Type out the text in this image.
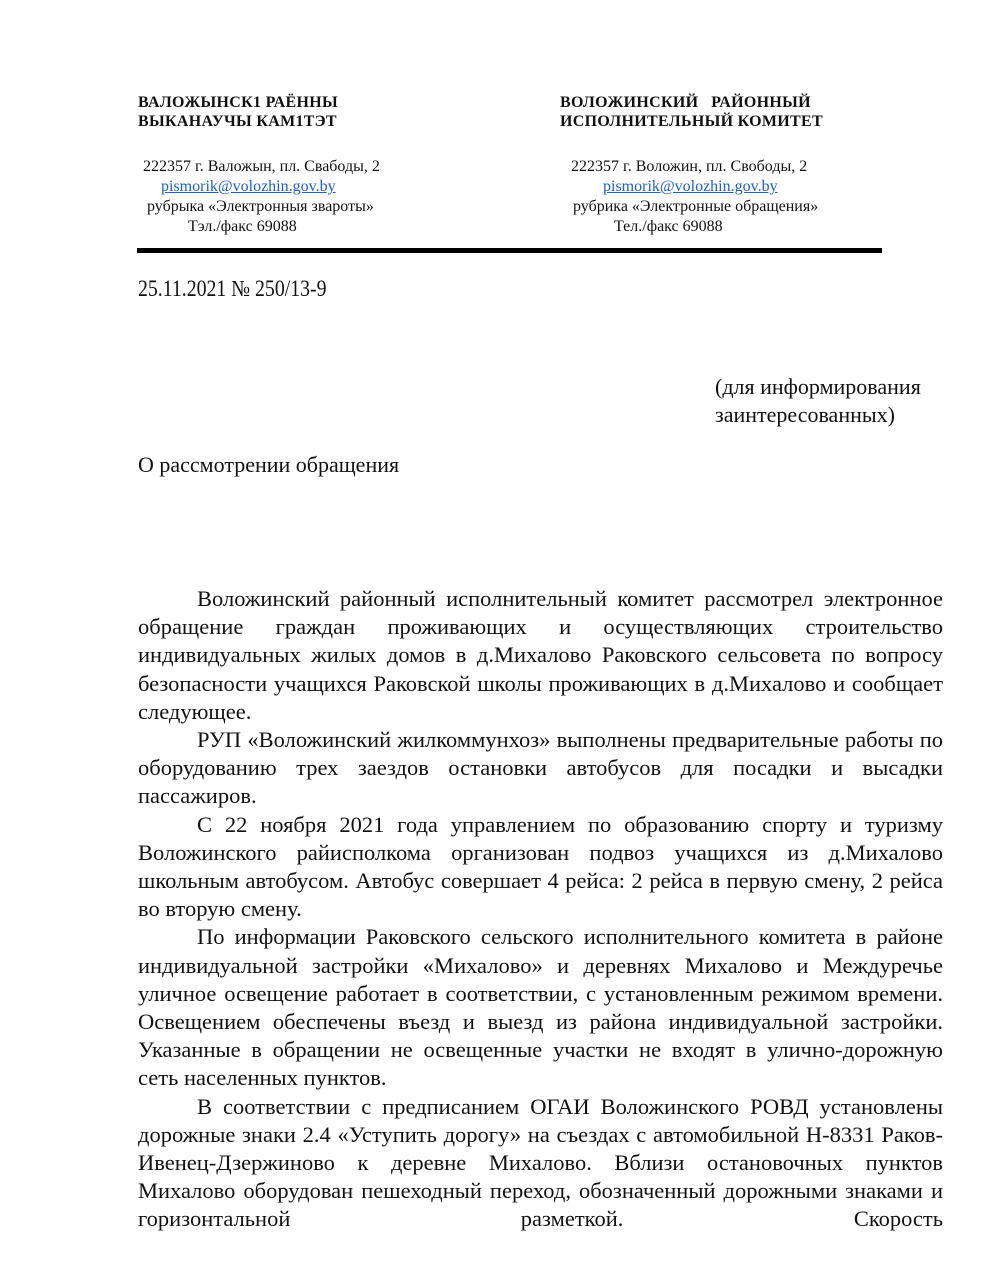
ВАЛОЖЫНСК1 РАЁННЫ
ВЫКАНАУЧЫ КАМ1ТЭТ
222357 г. Валожын, пл. Свабоды, 2
pismorik@volozhin.gov.by
рубрыка «Электронныя звароты»
Тэл./факс 69088
ВОЛОЖИНСКИЙ   РАЙОННЫЙ
ИСПОЛНИТЕЛЬНЫЙ КОМИТЕТ
222357 г. Воложин, пл. Свободы, 2
pismorik@volozhin.gov.by
рубрика «Электронные обращения»
Тел./факс 69088
25.11.2021 № 250/13-9
(для информирования
заинтересованных)
О рассмотрении обращения

Воложинский районный исполнительный комитет рассмотрел электронное обращение граждан проживающих и осуществляющих строительство индивидуальных жилых домов в д.Михалово Раковского сельсовета по вопросу безопасности учащихся Раковской школы проживающих в д.Михалово и сообщает следующее.

РУП «Воложинский жилкоммунхоз» выполнены предварительные работы по оборудованию трех заездов остановки автобусов для посадки и высадки пассажиров.

С 22 ноября 2021 года управлением по образованию спорту и туризму Воложинского райисполкома организован подвоз учащихся из д.Михалово школьным автобусом. Автобус совершает 4 рейса: 2 рейса в первую смену, 2 рейса во вторую смену.

По информации Раковского сельского исполнительного комитета в районе индивидуальной застройки «Михалово» и деревнях Михалово и Междуречье уличное освещение работает в соответствии, с установленным режимом времени. Освещением обеспечены въезд и выезд из района индивидуальной застройки. Указанные в обращении не освещенные участки не входят в улично-дорожную сеть населенных пунктов.

В соответствии с предписанием ОГАИ Воложинского РОВД установлены дорожные знаки 2.4 «Уступить дорогу» на съездах с автомобильной Н-8331 Раков-Ивенец-Дзержиново к деревне Михалово. Вблизи остановочных пунктов Михалово оборудован пешеходный переход, обозначенный дорожными знаками и горизонтальной разметкой. Скорость
